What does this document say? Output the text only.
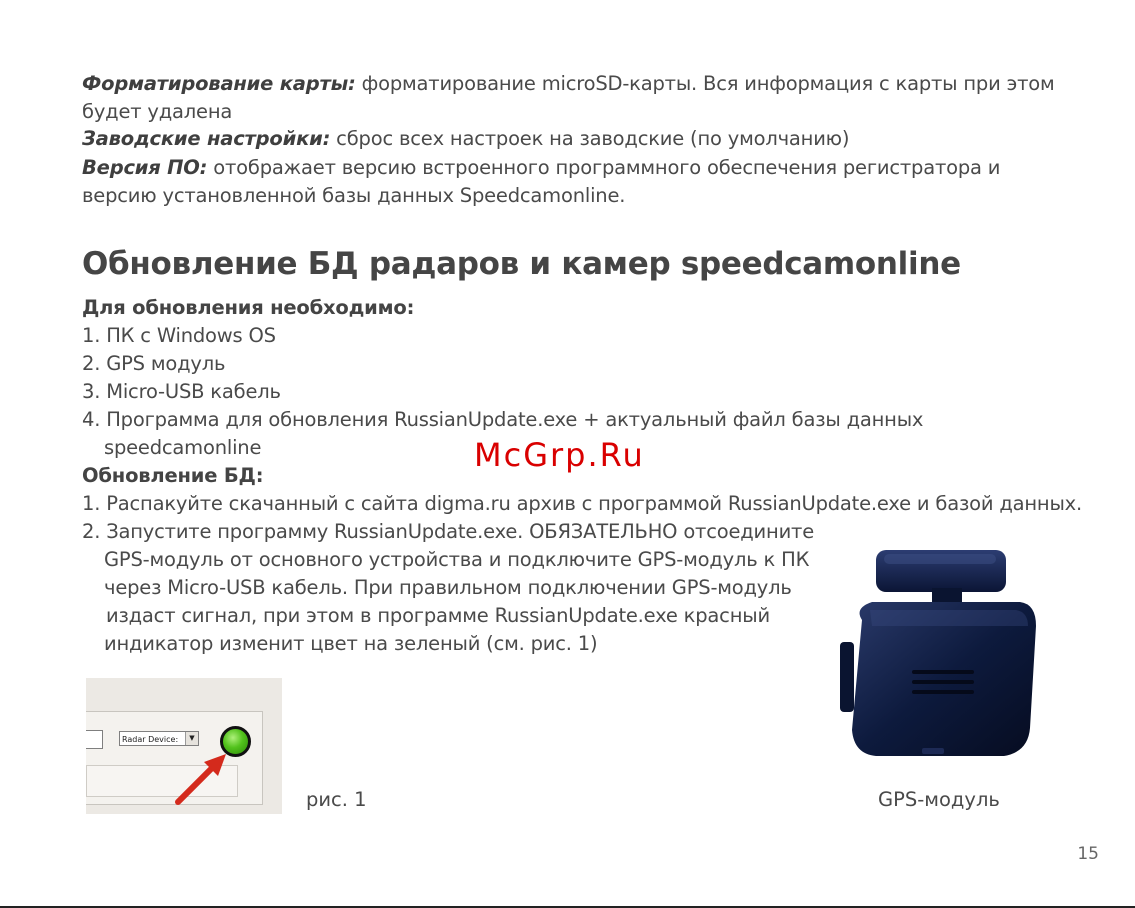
Форматирование карты: форматирование microSD-карты. Вся информация с карты при этом
будет удалена
Заводские настройки: сброс всех настроек на заводские (по умолчанию)
Версия ПО: отображает версию встроенного программного обеспечения регистратора и
версию установленной базы данных Speedcamonline.
Обновление БД радаров и камер speedcamonline
Для обновления необходимо:
1. ПК с Windows OS
2. GPS модуль
3. Micro-USB кабель
4. Программа для обновления RussianUpdate.exe + актуальный файл базы данных
speedcamonline
Обновление БД:
1. Распакуйте скачанный с сайта digma.ru архив с программой RussianUpdate.exe и базой данных.
2. Запустите программу RussianUpdate.exe. ОБЯЗАТЕЛЬНО отсоедините
GPS-модуль от основного устройства и подключите GPS-модуль к ПК
через Micro-USB кабель. При правильном подключении GPS-модуль
издаст сигнал, при этом в программе RussianUpdate.exe красный
индикатор изменит цвет на зеленый (см. рис. 1)
McGrp.Ru
Radar Device:	▼
рис. 1	GPS-модуль
15
